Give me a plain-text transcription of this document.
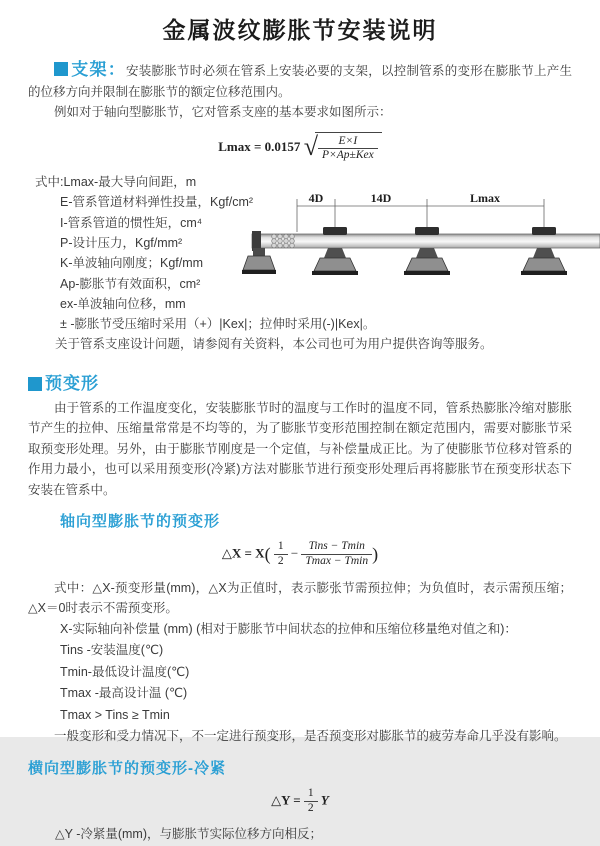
金属波纹膨胀节安装说明

支架：安装膨胀节时必须在管系上安装必要的支架，以控制管系的变形在膨胀节上产生的位移方向并限制在膨胀节的额定位移范围内。

例如对于轴向型膨胀节，它对管系支座的基本要求如图所示：

Lmax = 0.0157 √ $\frac{E\times I}{\text{P×Ap±Kex}}$
式中:Lmax-最大导向间距，m
E-管系管道材料弹性投量，Kgf/cm²
I-管系管道的惯性矩，cm⁴
P-设计压力，Kgf/mm²
K-单波轴向刚度；Kgf/mm
Ap-膨胀节有效面积，cm²
ex-单波轴向位移，mm
± -膨胀节受压缩时采用（+）|Kex|；拉伸时采用(-)|Kex|。
关于管系支座设计问题，请参阅有关资料，本公司也可为用户提供咨询等服务。
4D	14D	Lmax
预变形

由于管系的工作温度变化，安装膨胀节时的温度与工作时的温度不同，管系热膨胀冷缩对膨胀节产生的拉伸、压缩量常常是不均等的，为了膨胀节变形范围控制在额定范围内，需要对膨胀节采取预变形处理。另外，由于膨胀节刚度是一个定值，与补偿量成正比。为了使膨胀节位移对管系的作用力最小，也可以采用预变形(冷紧)方法对膨胀节进行预变形处理后再将膨胀节在预变形状态下安装在管系中。

轴向型膨胀节的预变形
△X = $X( \frac{1}{2} - \frac{\text{Tins − Tmin}}{Tmax - Tmin}$ )

式中：△X-预变形量(mm)，△X为正值时，表示膨张节需预拉伸；为负值时，表示需预压缩；△X＝0时表示不需预变形。

X-实际轴向补偿量 (mm) (相对于膨胀节中间状态的拉伸和压缩位移量绝对值之和)：
Tins -安装温度(℃)
Tmin-最低设计温度(℃)
Tmax -最高设计温 (℃)
Tmax > Tins ≥ Tmin

一般变形和受力情况下，不一定进行预变形，是否预变形对膨胀节的疲劳寿命几乎没有影响。

横向型膨胀节的预变形-冷紧
△Y = $\frac{1}{2}$ Y
△Y -冷紧量(mm)，与膨胀节实际位移方向相反；
